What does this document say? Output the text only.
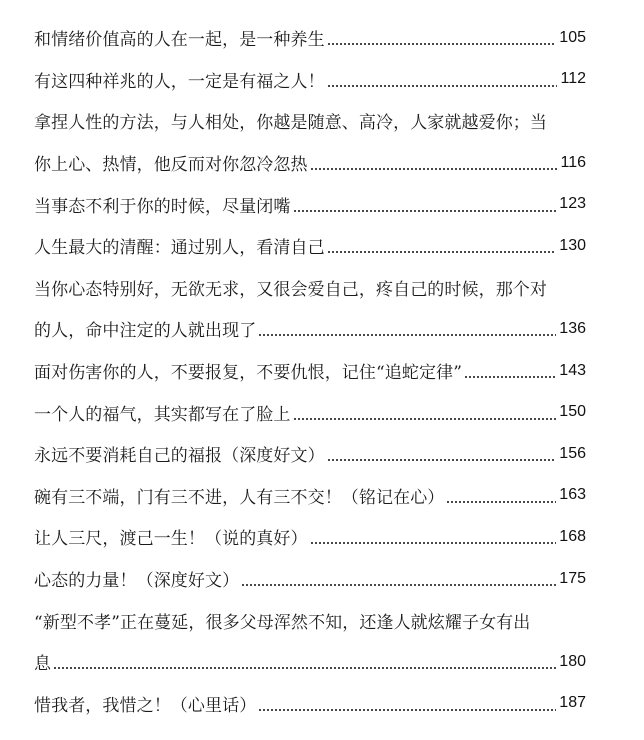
和情绪价值高的人在一起，是一种养生	105
有这四种祥兆的人，一定是有福之人！	112
拿捏人性的方法，与人相处，你越是随意、高冷，人家就越爱你；当
你上心、热情，他反而对你忽冷忽热	116
当事态不利于你的时候，尽量闭嘴	123
人生最大的清醒：通过别人，看清自己	130
当你心态特别好，无欲无求，又很会爱自己，疼自己的时候，那个对
的人，命中注定的人就出现了	136
面对伤害你的人，不要报复，不要仇恨，记住“追蛇定律”	143
一个人的福气，其实都写在了脸上	150
永远不要消耗自己的福报（深度好文）	156
碗有三不端，门有三不进，人有三不交！（铭记在心）	163
让人三尺，渡己一生！（说的真好）	168
心态的力量！（深度好文）	175
“新型不孝”正在蔓延，很多父母浑然不知，还逢人就炫耀子女有出
息	180
惜我者，我惜之！（心里话）	187
